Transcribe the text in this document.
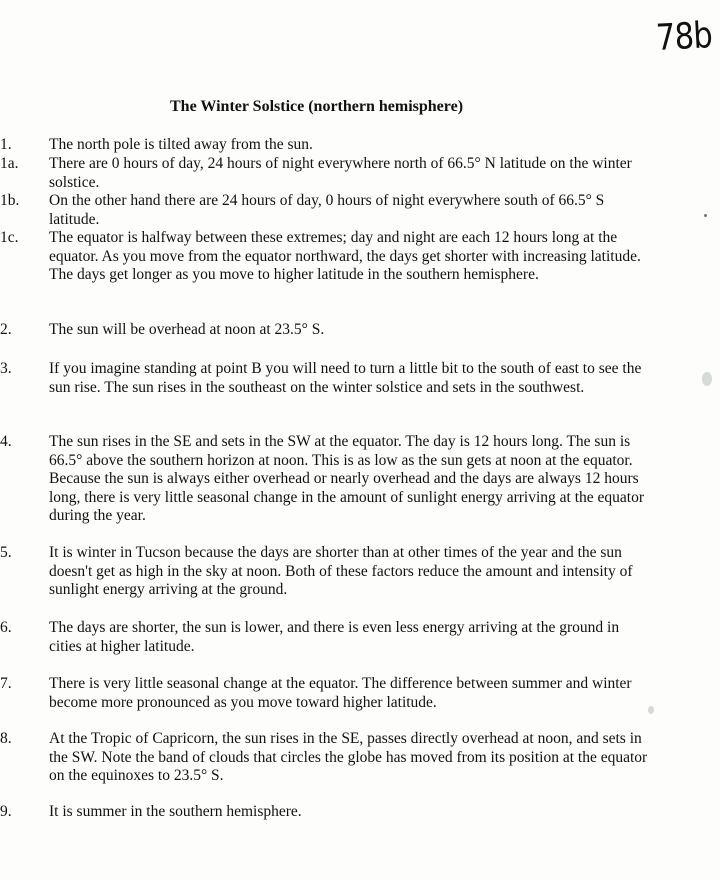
78b
The Winter Solstice (northern hemisphere)
1.	The north pole is tilted away from the sun.
1a.	There are 0 hours of day, 24 hours of night everywhere north of 66.5° N latitude on the winter solstice.
1b.	On the other hand there are 24 hours of day, 0 hours of night everywhere south of 66.5° S latitude.
1c.	The equator is halfway between these extremes; day and night are each 12 hours long at the equator. As you move from the equator northward, the days get shorter with increasing latitude. The days get longer as you move to higher latitude in the southern hemisphere.
2.	The sun will be overhead at noon at 23.5° S.
3.	If you imagine standing at point B you will need to turn a little bit to the south of east to see the sun rise. The sun rises in the southeast on the winter solstice and sets in the southwest.
4.	The sun rises in the SE and sets in the SW at the equator. The day is 12 hours long. The sun is 66.5° above the southern horizon at noon. This is as low as the sun gets at noon at the equator. Because the sun is always either overhead or nearly overhead and the days are always 12 hours long, there is very little seasonal change in the amount of sunlight energy arriving at the equator during the year.
5.	It is winter in Tucson because the days are shorter than at other times of the year and the sun doesn't get as high in the sky at noon. Both of these factors reduce the amount and intensity of sunlight energy arriving at the ground.
6.	The days are shorter, the sun is lower, and there is even less energy arriving at the ground in cities at higher latitude.
7.	There is very little seasonal change at the equator. The difference between summer and winter become more pronounced as you move toward higher latitude.
8.	At the Tropic of Capricorn, the sun rises in the SE, passes directly overhead at noon, and sets in the SW. Note the band of clouds that circles the globe has moved from its position at the equator on the equinoxes to 23.5° S.
9.	It is summer in the southern hemisphere.
